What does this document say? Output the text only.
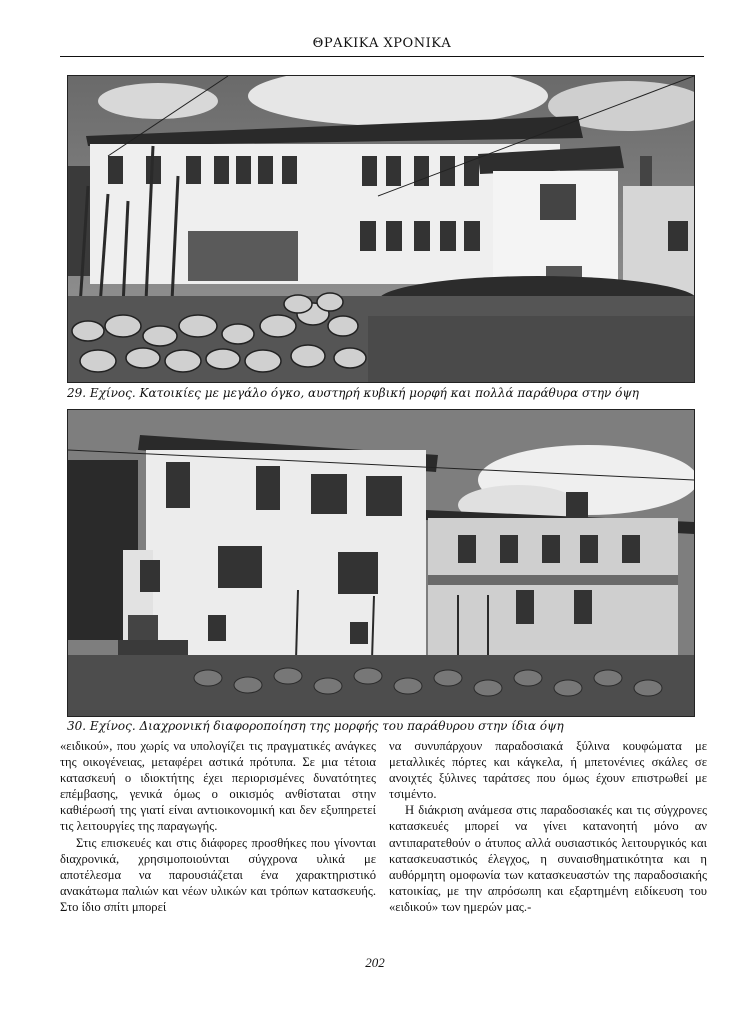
ΘΡΑΚΙΚΑ ΧΡΟΝΙΚΑ
29. Εχίνος. Κατοικίες με μεγάλο όγκο, αυστηρή κυβική μορφή και πολλά παράθυρα στην όψη
30. Εχίνος. Διαχρονική διαφοροποίηση της μορφής του παράθυρου στην ίδια όψη

«ειδικού», που χωρίς να υπολογίζει τις πραγματικές ανάγκες της οικογένειας, μεταφέρει αστικά πρότυπα. Σε μια τέτοια κατασκευή ο ιδιοκτήτης έχει περιορισμένες δυνατότητες επέμβασης, γενικά όμως ο οικισμός ανθίσταται στην καθιέρωσή της γιατί είναι αντιοικονομική και δεν εξυπηρετεί τις λειτουργίες της παραγωγής.

Στις επισκευές και στις διάφορες προσθήκες που γίνονται διαχρονικά, χρησιμοποιούνται σύγχρονα υλικά με αποτέλεσμα να παρουσιάζεται ένα χαρακτηριστικό ανακάτωμα παλιών και νέων υλικών και τρόπων κατασκευής. Στο ίδιο σπίτι μπορεί

να συνυπάρχουν παραδοσιακά ξύλινα κουφώματα με μεταλλικές πόρτες και κάγκελα, ή μπετονένιες σκάλες σε ανοιχτές ξύλινες ταράτσες που όμως έχουν επιστρωθεί με τσιμέντο.

Η διάκριση ανάμεσα στις παραδοσιακές και τις σύγχρονες κατασκευές μπορεί να γίνει κατανοητή μόνο αν αντιπαρατεθούν ο άτυπος αλλά ουσιαστικός λειτουργικός και κατασκευαστικός έλεγχος, η συναισθηματικότητα και η αυθόρμητη ομοφωνία των κατασκευαστών της παραδοσιακής κατοικίας, με την απρόσωπη και εξαρτημένη ειδίκευση του «ειδικού» των ημερών μας.-

202
